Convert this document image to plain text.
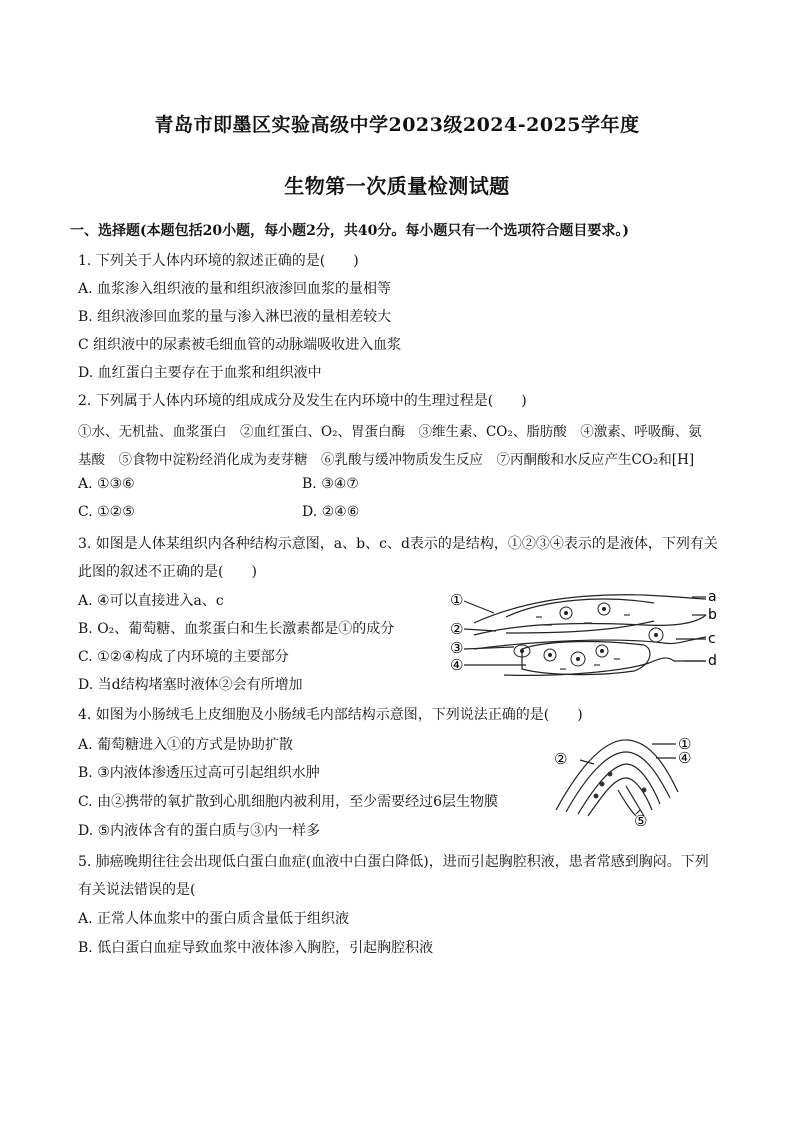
青岛市即墨区实验高级中学2023级2024-2025学年度
生物第一次质量检测试题
一、选择题(本题包括20小题，每小题2分，共40分。每小题只有一个选项符合题目要求。)
1. 下列关于人体内环境的叙述正确的是(　　)
A. 血浆渗入组织液的量和组织液渗回血浆的量相等
B. 组织液渗回血浆的量与渗入淋巴液的量相差较大
C 组织液中的尿素被毛细血管的动脉端吸收进入血浆
D. 血红蛋白主要存在于血浆和组织液中
2. 下列属于人体内环境的组成成分及发生在内环境中的生理过程是(　　)
①水、无机盐、血浆蛋白　②血红蛋白、O₂、胃蛋白酶　③维生素、CO₂、脂肪酸　④激素、呼吸酶、氨
基酸　⑤食物中淀粉经消化成为麦芽糖　⑥乳酸与缓冲物质发生反应　⑦丙酮酸和水反应产生CO₂和[H]
A. ①③⑥	B. ③④⑦
C. ①②⑤	D. ②④⑥
3. 如图是人体某组织内各种结构示意图，a、b、c、d表示的是结构，①②③④表示的是液体，下列有关
此图的叙述不正确的是(　　)
A. ④可以直接进入a、c
B. O₂、葡萄糖、血浆蛋白和生长激素都是①的成分
C. ①②④构成了内环境的主要部分
D. 当d结构堵塞时液体②会有所增加
①
②
③
④
a
b
c
d
4. 如图为小肠绒毛上皮细胞及小肠绒毛内部结构示意图，下列说法正确的是(　　)
A. 葡萄糖进入①的方式是协助扩散
B. ③内液体渗透压过高可引起组织水肿
C. 由②携带的氧扩散到心肌细胞内被利用，至少需要经过6层生物膜
D. ⑤内液体含有的蛋白质与③内一样多
②
①
④
⑤
5. 肺癌晚期往往会出现低白蛋白血症(血液中白蛋白降低)，进而引起胸腔积液，患者常感到胸闷。下列
有关说法错误的是(
A. 正常人体血浆中的蛋白质含量低于组织液
B. 低白蛋白血症导致血浆中液体渗入胸腔，引起胸腔积液
